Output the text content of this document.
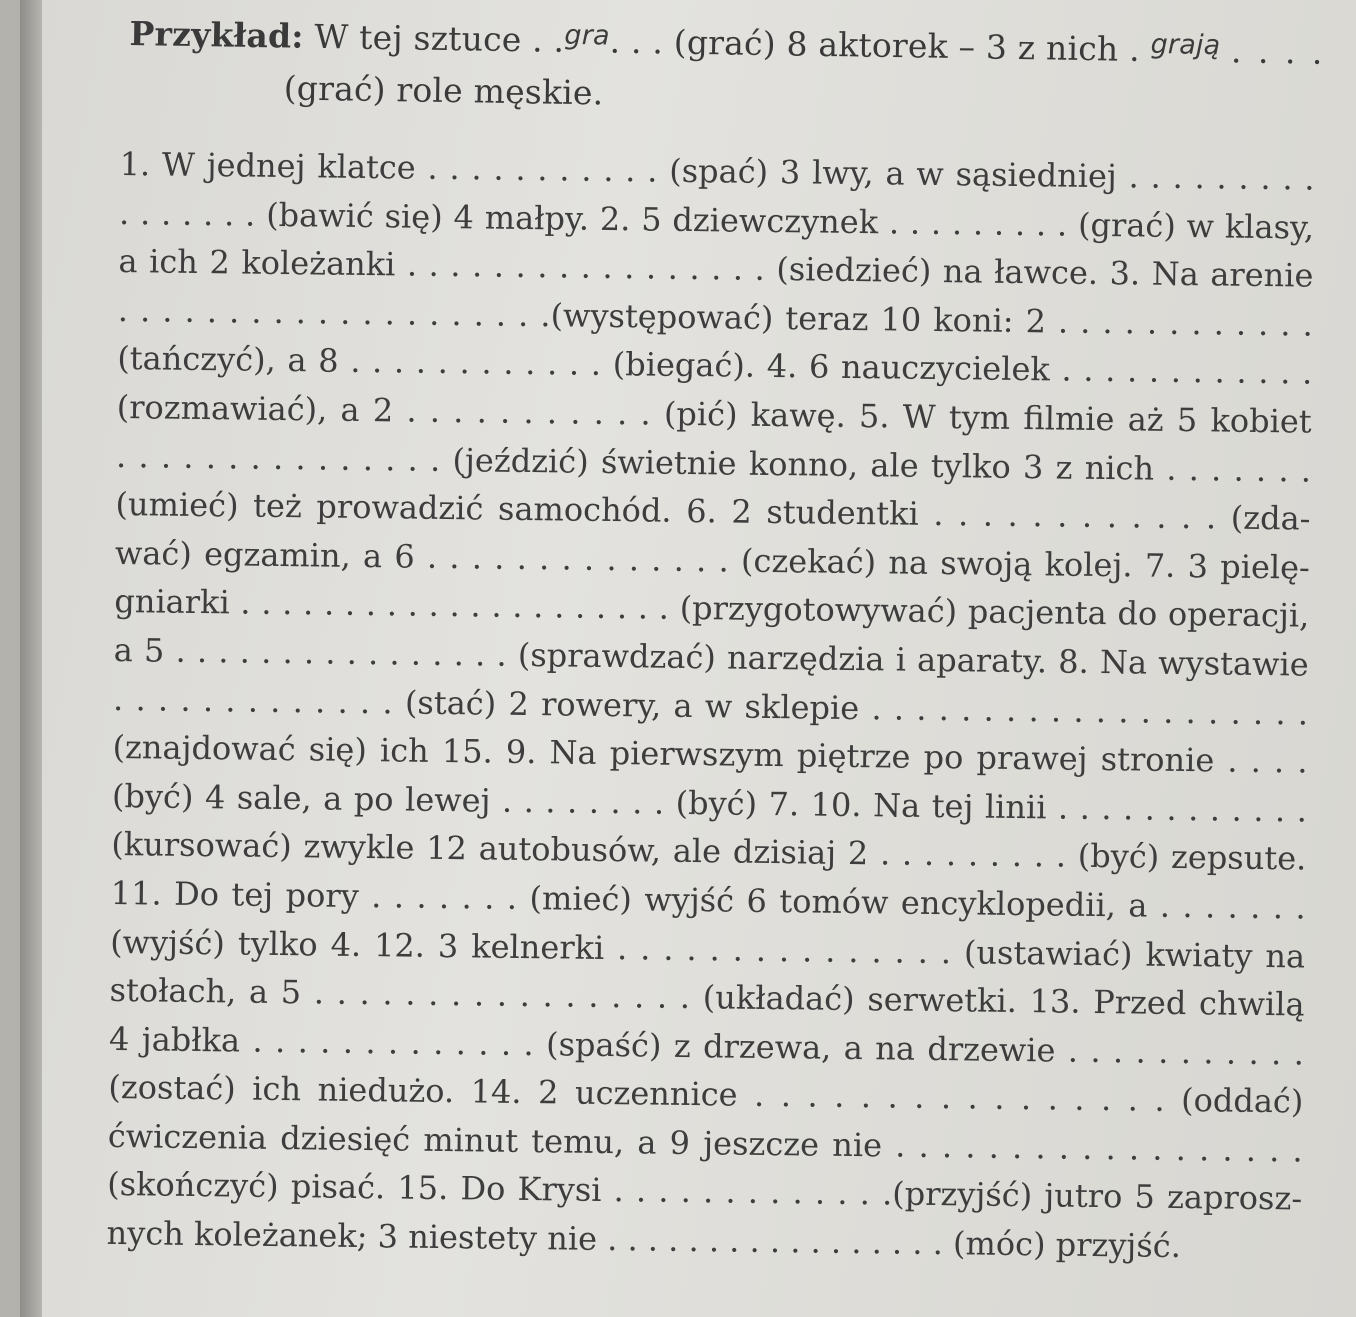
Przykład: W tej sztuce . .$^{gra}$. . . (grać) 8 aktorek – 3 z nich . $^{grają}$ . . . .
(grać) role męskie.
1. W jednej klatce . . . . . . . . . . . (spać) 3 lwy, a w sąsiedniej . . . . . . . . .
. . . . . . . (bawić się) 4 małpy. 2. 5 dziewczynek . . . . . . . . . (grać) w klasy,
a ich 2 koleżanki . . . . . . . . . . . . . . . . . (siedzieć) na ławce. 3. Na arenie
. . . . . . . . . . . . . . . . . . . .(występować) teraz 10 koni: 2 . . . . . . . . . . . .
(tańczyć), a 8 . . . . . . . . . . . . (biegać). 4. 6 nauczycielek . . . . . . . . . . . .
(rozmawiać), a 2 . . . . . . . . . . . (pić) kawę. 5. W tym filmie aż 5 kobiet
. . . . . . . . . . . . . . . (jeździć) świetnie konno, ale tylko 3 z nich . . . . . . .
(umieć) też prowadzić samochód. 6. 2 studentki . . . . . . . . . . . . (zda-
wać) egzamin, a 6 . . . . . . . . . . . . . . (czekać) na swoją kolej. 7. 3 pielę-
gniarki . . . . . . . . . . . . . . . . . . . . . (przygotowywać) pacjenta do operacji,
a 5 . . . . . . . . . . . . . . . . (sprawdzać) narzędzia i aparaty. 8. Na wystawie
. . . . . . . . . . . . . (stać) 2 rowery, a w sklepie . . . . . . . . . . . . . . . . . . . .
(znajdować się) ich 15. 9. Na pierwszym piętrze po prawej stronie . . . .
(być) 4 sale, a po lewej . . . . . . . . (być) 7. 10. Na tej linii . . . . . . . . . . . .
(kursować) zwykle 12 autobusów, ale dzisiaj 2 . . . . . . . . . (być) zepsute.
11. Do tej pory . . . . . . . (mieć) wyjść 6 tomów encyklopedii, a . . . . . . .
(wyjść) tylko 4. 12. 3 kelnerki . . . . . . . . . . . . . . . (ustawiać) kwiaty na
stołach, a 5 . . . . . . . . . . . . . . . . . (układać) serwetki. 13. Przed chwilą
4 jabłka . . . . . . . . . . . . . (spaść) z drzewa, a na drzewie . . . . . . . . . . .
(zostać) ich niedużo. 14. 2 uczennice . . . . . . . . . . . . . . . . (oddać)
ćwiczenia dziesięć minut temu, a 9 jeszcze nie . . . . . . . . . . . . . . . . . .
(skończyć) pisać. 15. Do Krysi . . . . . . . . . . . . .(przyjść) jutro 5 zaprosz-
nych koleżanek; 3 niestety nie . . . . . . . . . . . . . . . . . (móc) przyjść.
